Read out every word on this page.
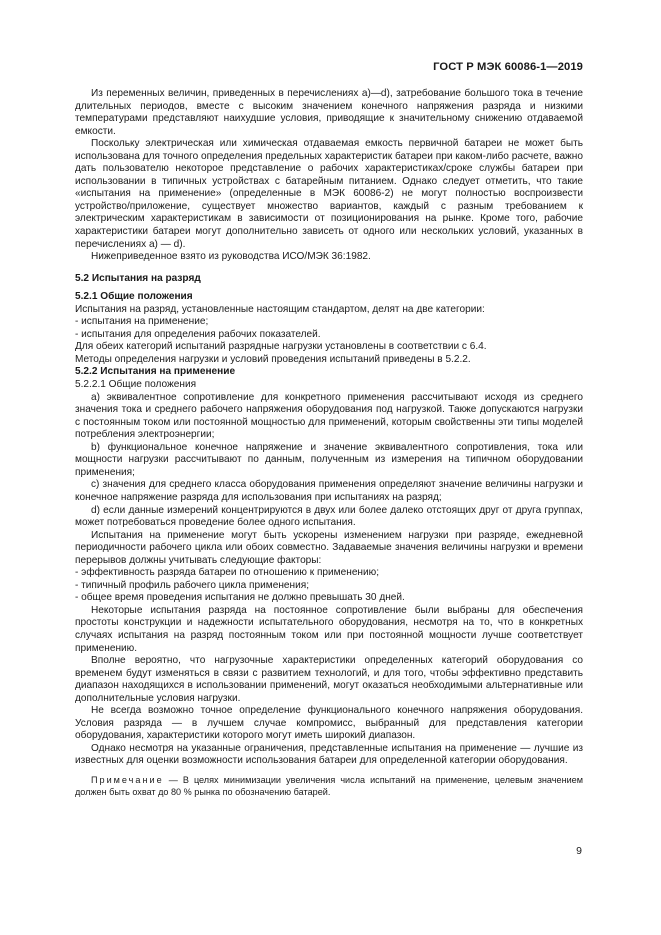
ГОСТ Р МЭК 60086-1—2019

Из переменных величин, приведенных в перечислениях а)—d), затребование большого тока в течение длительных периодов, вместе с высоким значением конечного напряжения разряда и низкими температурами представляют наихудшие условия, приводящие к значительному снижению отдаваемой емкости.

Поскольку электрическая или химическая отдаваемая емкость первичной батареи не может быть использована для точного определения предельных характеристик батареи при каком-либо расчете, важно дать пользователю некоторое представление о рабочих характеристиках/сроке службы батареи при использовании в типичных устройствах с батарейным питанием. Однако следует отметить, что такие «испытания на применение» (определенные в МЭК 60086-2) не могут полностью воспроизвести устройство/приложение, существует множество вариантов, каждый с разным требованием к электрическим характеристикам в зависимости от позиционирования на рынке. Кроме того, рабочие характеристики батареи могут дополнительно зависеть от одного или нескольких условий, указанных в перечислениях а) — d).

Нижеприведенное взято из руководства ИСО/МЭК 36:1982.

5.2 Испытания на разряд

5.2.1 Общие положения

Испытания на разряд, установленные настоящим стандартом, делят на две категории:

- испытания на применение;

- испытания для определения рабочих показателей.

Для обеих категорий испытаний разрядные нагрузки установлены в соответствии с 6.4.

Методы определения нагрузки и условий проведения испытаний приведены в 5.2.2.

5.2.2 Испытания на применение

5.2.2.1 Общие положения

а) эквивалентное сопротивление для конкретного применения рассчитывают исходя из среднего значения тока и среднего рабочего напряжения оборудования под нагрузкой. Также допускаются нагрузки с постоянным током или постоянной мощностью для применений, которым свойственны эти типы моделей потребления электроэнергии;

b) функциональное конечное напряжение и значение эквивалентного сопротивления, тока или мощности нагрузки рассчитывают по данным, полученным из измерения на типичном оборудовании применения;

с) значения для среднего класса оборудования применения определяют значение величины нагрузки и конечное напряжение разряда для использования при испытаниях на разряд;

d) если данные измерений концентрируются в двух или более далеко отстоящих друг от друга группах, может потребоваться проведение более одного испытания.

Испытания на применение могут быть ускорены изменением нагрузки при разряде, ежедневной периодичности рабочего цикла или обоих совместно. Задаваемые значения величины нагрузки и времени перерывов должны учитывать следующие факторы:

- эффективность разряда батареи по отношению к применению;

- типичный профиль рабочего цикла применения;

- общее время проведения испытания не должно превышать 30 дней.

Некоторые испытания разряда на постоянное сопротивление были выбраны для обеспечения простоты конструкции и надежности испытательного оборудования, несмотря на то, что в конкретных случаях испытания на разряд постоянным током или при постоянной мощности лучше соответствует применению.

Вполне вероятно, что нагрузочные характеристики определенных категорий оборудования со временем будут изменяться в связи с развитием технологий, и для того, чтобы эффективно представить диапазон находящихся в использовании применений, могут оказаться необходимыми альтернативные или дополнительные условия нагрузки.

Не всегда возможно точное определение функционального конечного напряжения оборудования. Условия разряда — в лучшем случае компромисс, выбранный для представления категории оборудования, характеристики которого могут иметь широкий диапазон.

Однако несмотря на указанные ограничения, представленные испытания на применение — лучшие из известных для оценки возможности использования батареи для определенной категории оборудования.

Примечание — В целях минимизации увеличения числа испытаний на применение, целевым значением должен быть охват до 80 % рынка по обозначению батарей.

9
